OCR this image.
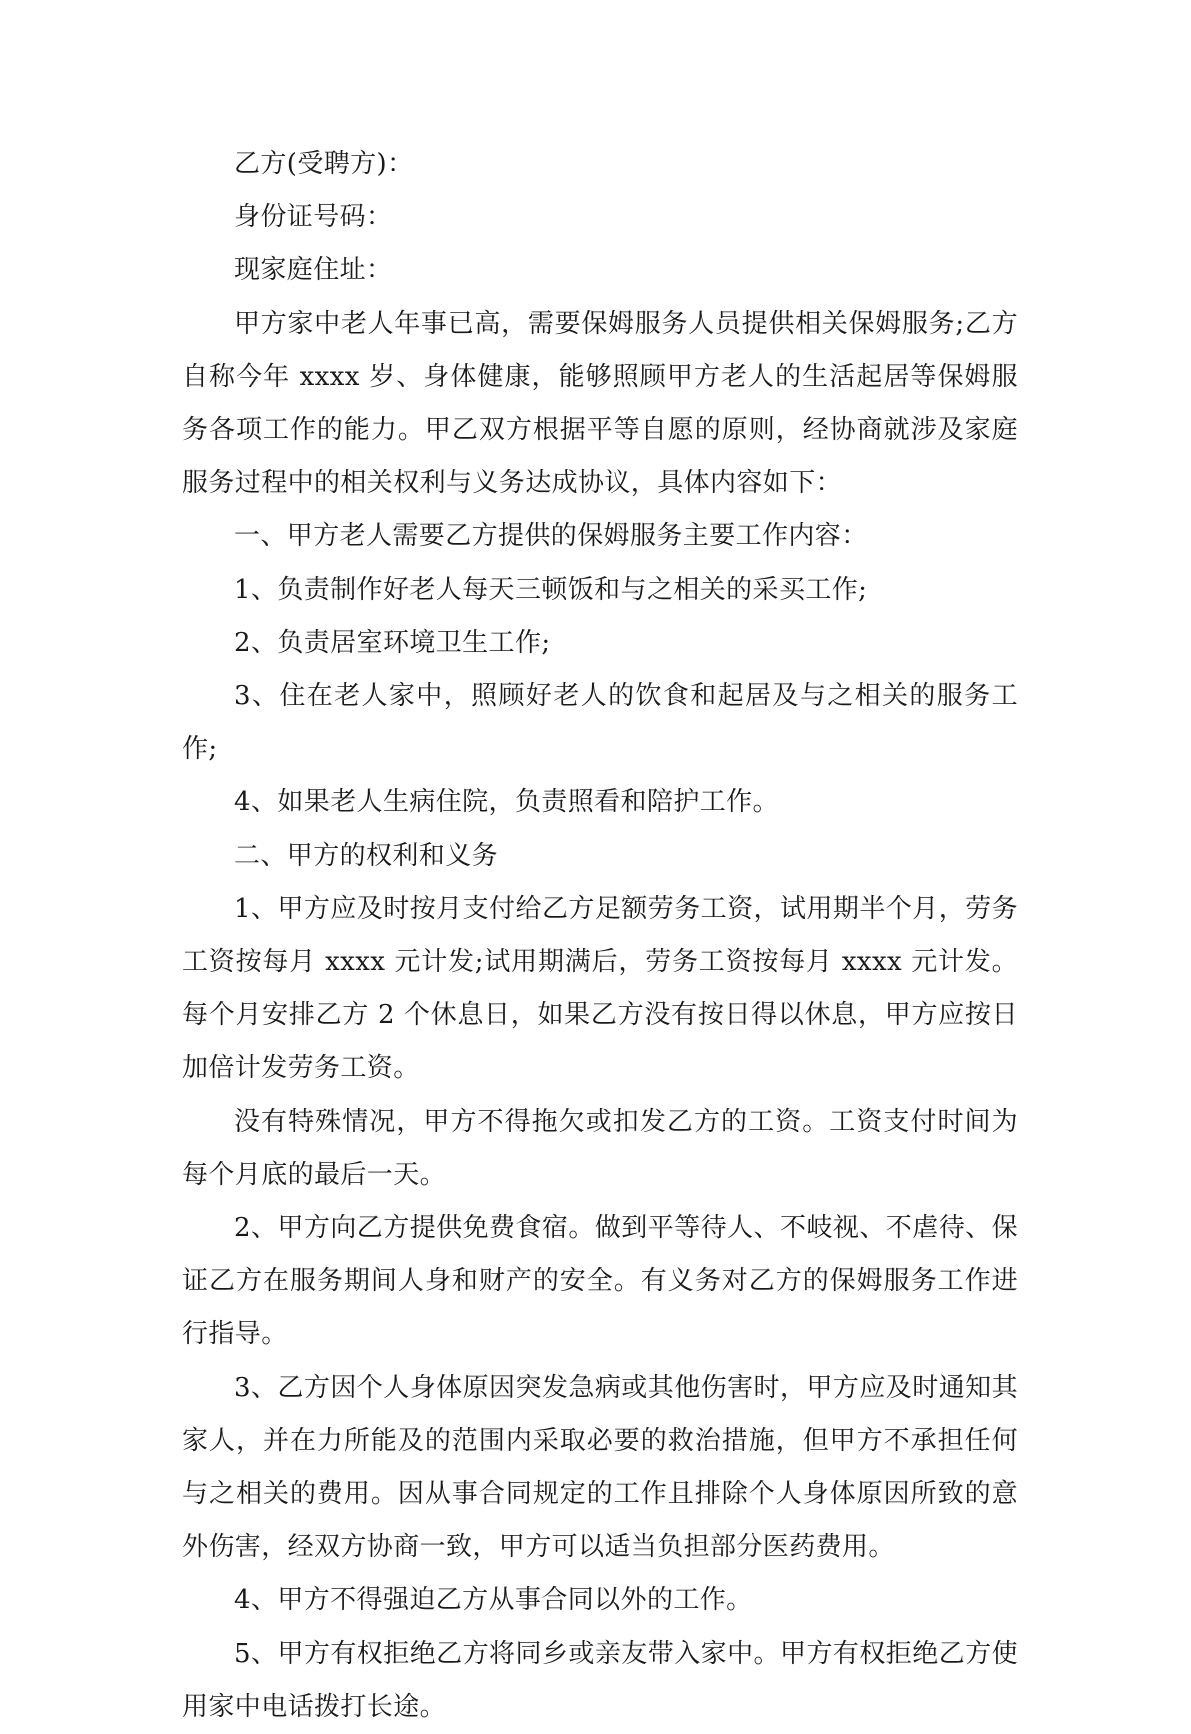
乙方(受聘方)：

身份证号码：

现家庭住址：

甲方家中老人年事已高，需要保姆服务人员提供相关保姆服务;乙方自称今年 xxxx 岁、身体健康，能够照顾甲方老人的生活起居等保姆服务各项工作的能力。甲乙双方根据平等自愿的原则，经协商就涉及家庭服务过程中的相关权利与义务达成协议，具体内容如下：

一、甲方老人需要乙方提供的保姆服务主要工作内容：

1、负责制作好老人每天三顿饭和与之相关的采买工作;

2、负责居室环境卫生工作;

3、住在老人家中，照顾好老人的饮食和起居及与之相关的服务工作;

4、如果老人生病住院，负责照看和陪护工作。

二、甲方的权利和义务

1、甲方应及时按月支付给乙方足额劳务工资，试用期半个月，劳务工资按每月 xxxx 元计发;试用期满后，劳务工资按每月 xxxx 元计发。每个月安排乙方 2 个休息日，如果乙方没有按日得以休息，甲方应按日加倍计发劳务工资。

没有特殊情况，甲方不得拖欠或扣发乙方的工资。工资支付时间为每个月底的最后一天。

2、甲方向乙方提供免费食宿。做到平等待人、不岐视、不虐待、保证乙方在服务期间人身和财产的安全。有义务对乙方的保姆服务工作进行指导。

3、乙方因个人身体原因突发急病或其他伤害时，甲方应及时通知其家人，并在力所能及的范围内采取必要的救治措施，但甲方不承担任何与之相关的费用。因从事合同规定的工作且排除个人身体原因所致的意外伤害，经双方协商一致，甲方可以适当负担部分医药费用。

4、甲方不得强迫乙方从事合同以外的工作。

5、甲方有权拒绝乙方将同乡或亲友带入家中。甲方有权拒绝乙方使用家中电话拨打长途。
